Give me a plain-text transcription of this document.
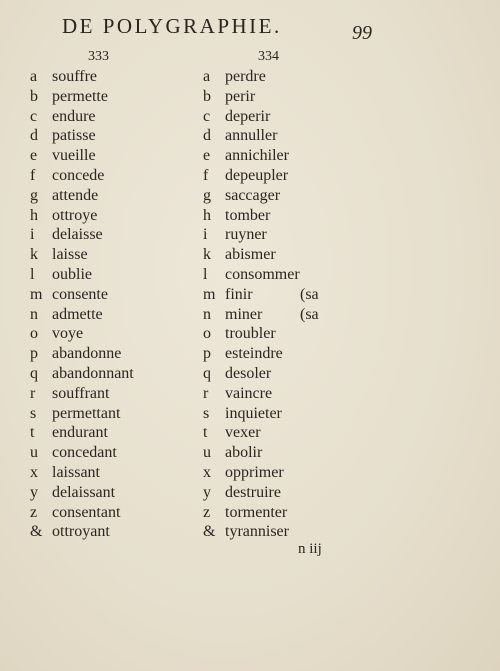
DE POLYGRAPHIE.	99
333	334
a souffre
b permette
c endure
d patisse
e vueille
f concede
g attende
h ottroye
i delaisse
k laisse
l oublie
m consente
n admette
o voye
p abandonne
q abandonnant
r souffrant
s permettant
t endurant
u concedant
x laissant
y delaissant
z consentant
& ottroyant
a perdre
b perir
c deperir
d annuller
e annichiler
f depeupler
g saccager
h tomber
i ruyner
k abismer
l consommer
m finir
n miner
o troubler
p esteindre
q desoler
r vaincre
s inquieter
t vexer
u abolir
x opprimer
y destruire
z tormenter
& tyranniser
(sa
(sa
n iij
